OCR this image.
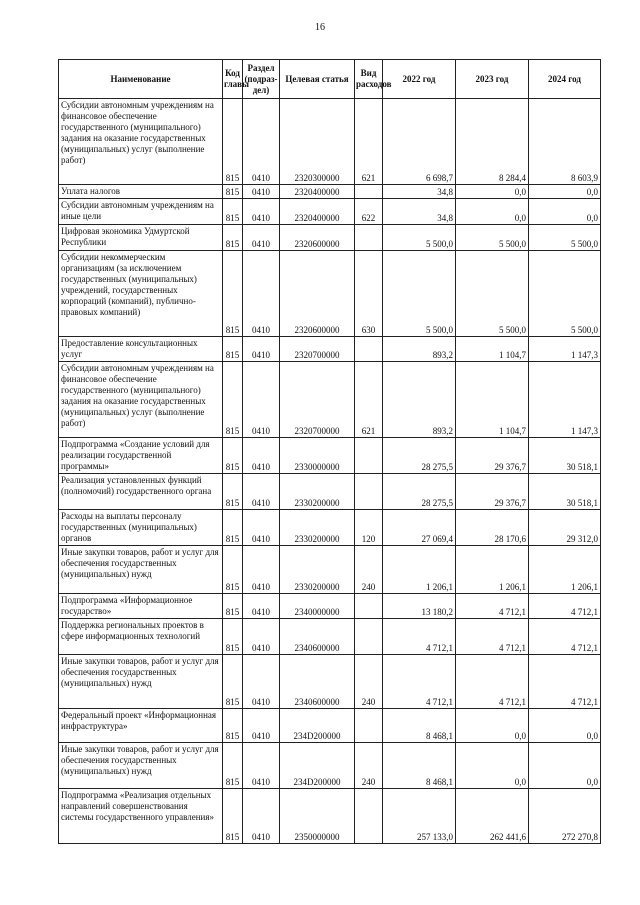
16
Наименование	Код главы	Раздел (подраз-дел)	Целевая статья	Вид расходов	2022 год	2023 год	2024 год
Субсидии автономным учреждениям на финансовое обеспечение государственного (муниципального) задания на оказание государственных (муниципальных) услуг (выполнение работ)	815	0410	2320300000	621	6 698,7	8 284,4	8 603,9
Уплата налогов	815	0410	2320400000		34,8	0,0	0,0
Субсидии автономным учреждениям на иные цели	815	0410	2320400000	622	34,8	0,0	0,0
Цифровая экономика Удмуртской Республики	815	0410	2320600000		5 500,0	5 500,0	5 500,0
Субсидии некоммерческим организациям (за исключением государственных (муниципальных) учреждений, государственных корпораций (компаний), публично-правовых компаний)	815	0410	2320600000	630	5 500,0	5 500,0	5 500,0
Предоставление консультационных услуг	815	0410	2320700000		893,2	1 104,7	1 147,3
Субсидии автономным учреждениям на финансовое обеспечение государственного (муниципального) задания на оказание государственных (муниципальных) услуг (выполнение работ)	815	0410	2320700000	621	893,2	1 104,7	1 147,3
Подпрограмма «Создание условий для реализации государственной программы»	815	0410	2330000000		28 275,5	29 376,7	30 518,1
Реализация установленных функций (полномочий) государственного органа	815	0410	2330200000		28 275,5	29 376,7	30 518,1
Расходы на выплаты персоналу государственных (муниципальных) органов	815	0410	2330200000	120	27 069,4	28 170,6	29 312,0
Иные закупки товаров, работ и услуг для обеспечения государственных (муниципальных) нужд	815	0410	2330200000	240	1 206,1	1 206,1	1 206,1
Подпрограмма «Информационное государство»	815	0410	2340000000		13 180,2	4 712,1	4 712,1
Поддержка региональных проектов в сфере информационных технологий	815	0410	2340600000		4 712,1	4 712,1	4 712,1
Иные закупки товаров, работ и услуг для обеспечения государственных (муниципальных) нужд	815	0410	2340600000	240	4 712,1	4 712,1	4 712,1
Федеральный проект «Информационная инфраструктура»	815	0410	234D200000		8 468,1	0,0	0,0
Иные закупки товаров, работ и услуг для обеспечения государственных (муниципальных) нужд	815	0410	234D200000	240	8 468,1	0,0	0,0
Подпрограмма «Реализация отдельных направлений совершенствования системы государственного управления»	815	0410	2350000000		257 133,0	262 441,6	272 270,8
